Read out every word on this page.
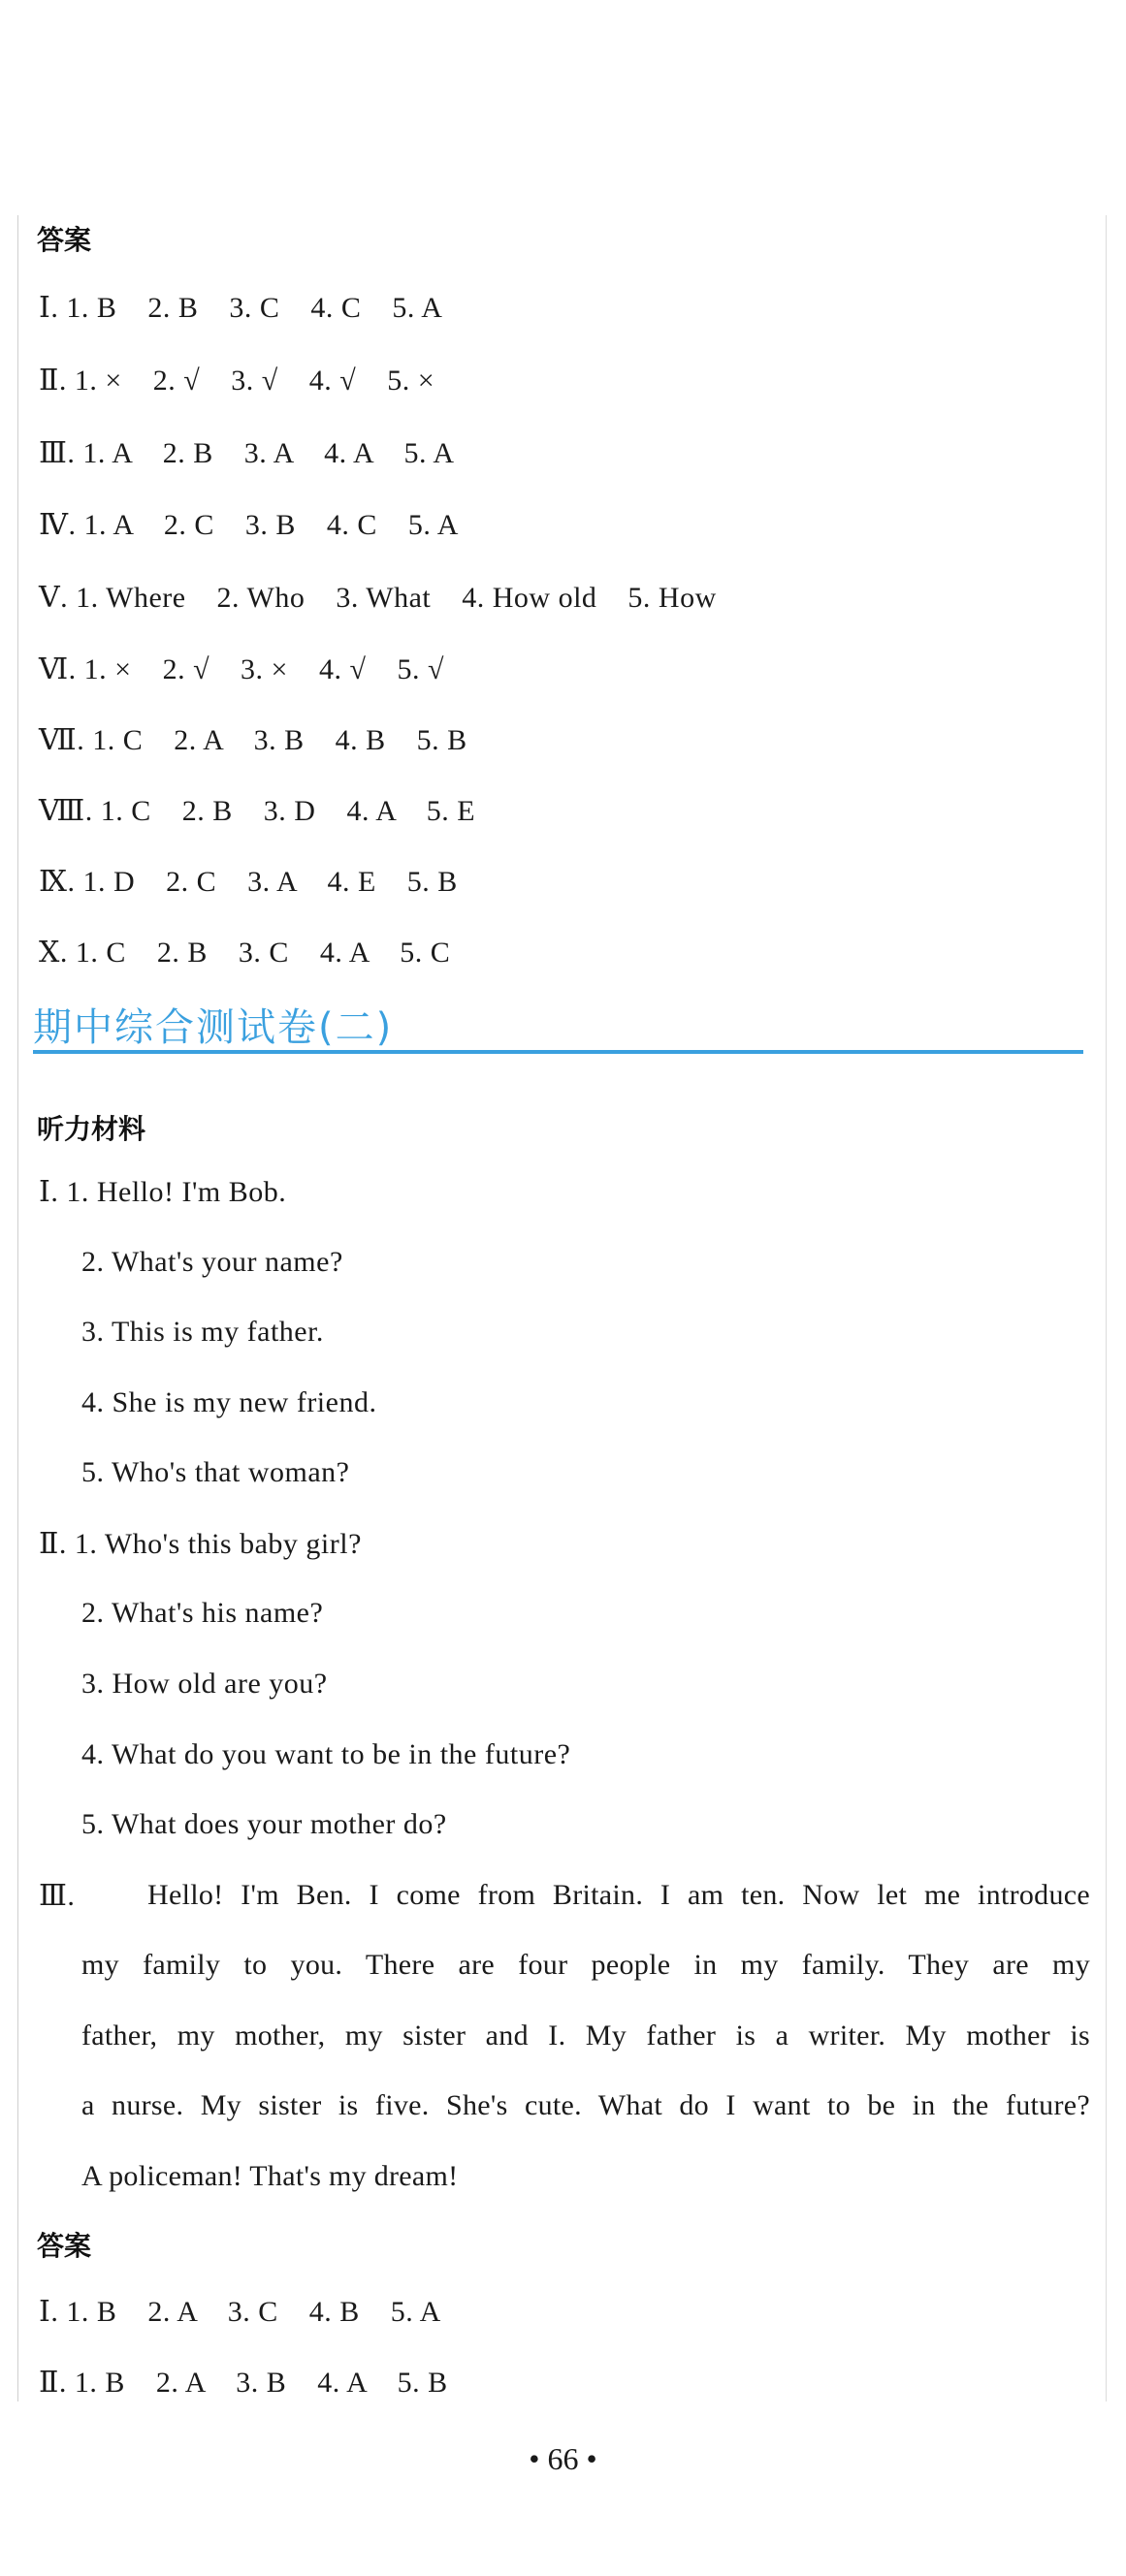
答案
Ⅰ. 1. B    2. B    3. C    4. C    5. A
Ⅱ. 1. ×    2. √    3. √    4. √    5. ×
Ⅲ. 1. A    2. B    3. A    4. A    5. A
Ⅳ. 1. A    2. C    3. B    4. C    5. A
Ⅴ. 1. Where    2. Who    3. What    4. How old    5. How
Ⅵ. 1. ×    2. √    3. ×    4. √    5. √
Ⅶ. 1. C    2. A    3. B    4. B    5. B
Ⅷ. 1. C    2. B    3. D    4. A    5. E
Ⅸ. 1. D    2. C    3. A    4. E    5. B
Ⅹ. 1. C    2. B    3. C    4. A    5. C
期中综合测试卷(二)
听力材料
Ⅰ. 1. Hello! I'm Bob.
2. What's your name?
3. This is my father.
4. She is my new friend.
5. Who's that woman?
Ⅱ. 1. Who's this baby girl?
2. What's his name?
3. How old are you?
4. What do you want to be in the future?
5. What does your mother do?
Ⅲ. Hello! I'm Ben. I come from Britain. I am ten. Now let me introduce
my family to you. There are four people in my family. They are my
father, my mother, my sister and I. My father is a writer. My mother is
a nurse. My sister is five. She's cute. What do I want to be in the future?
A policeman! That's my dream!
答案
Ⅰ. 1. B    2. A    3. C    4. B    5. A
Ⅱ. 1. B    2. A    3. B    4. A    5. B
• 66 •
